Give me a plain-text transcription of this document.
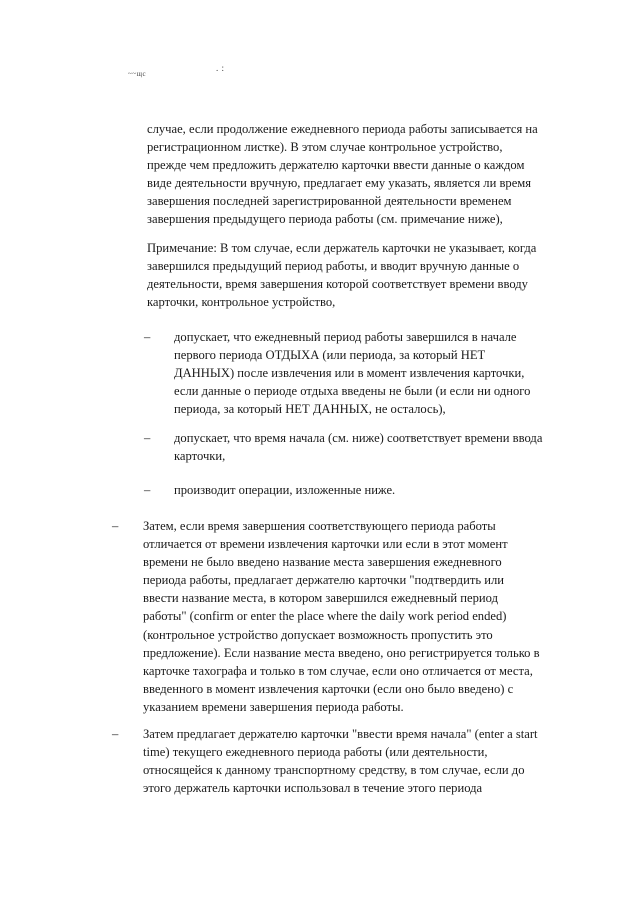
~~щс
. :

случае, если продолжение ежедневного периода работы записывается на
регистрационном листке). В этом случае контрольное устройство,
прежде чем предложить держателю карточки ввести данные о каждом
виде деятельности вручную, предлагает ему указать, является ли время
завершения последней зарегистрированной деятельности временем
завершения предыдущего периода работы (см. примечание ниже),

Примечание: В том случае, если держатель карточки не указывает, когда
завершился предыдущий период работы, и вводит вручную данные о
деятельности, время завершения которой соответствует времени вводу
карточки, контрольное устройство,

– допускает, что ежедневный период работы завершился в начале
первого периода ОТДЫХА (или периода, за который НЕТ
ДАННЫХ) после извлечения или в момент извлечения карточки,
если данные о периоде отдыха введены не были (и если ни одного
периода, за который НЕТ ДАННЫХ, не осталось),

– допускает, что время начала (см. ниже) соответствует времени ввода
карточки,

– производит операции, изложенные ниже.

– Затем, если время завершения соответствующего периода работы
отличается от времени извлечения карточки или если в этот момент
времени не было введено название места завершения ежедневного
периода работы, предлагает держателю карточки "подтвердить или
ввести название места, в котором завершился ежедневный период
работы" (confirm or enter the place where the daily work period ended)
(контрольное устройство допускает возможность пропустить это
предложение). Если название места введено, оно регистрируется только в
карточке тахографа и только в том случае, если оно отличается от места,
введенного в момент извлечения карточки (если оно было введено) с
указанием времени завершения периода работы.

– Затем предлагает держателю карточки "ввести время начала" (enter a start
time) текущего ежедневного периода работы (или деятельности,
относящейся к данному транспортному средству, в том случае, если до
этого держатель карточки использовал в течение этого периода
